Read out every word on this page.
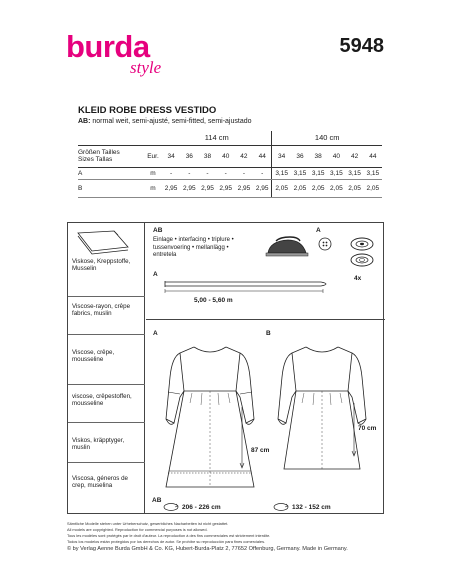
burda
style
5948
KLEID ROBE DRESS VESTIDO
AB: normal weit, semi-ajusté, semi-fitted, semi-ajustado
		114 cm						140 cm					

Größen Tailles
Sizes Tallas	Eur.	34	36	38	40	42	44	34	36	38	40	42	44
A	m	-	-	-	-	-	-	3,15	3,15	3,15	3,15	3,15	3,15
B	m	2,95	2,95	2,95	2,95	2,95	2,95	2,05	2,05	2,05	2,05	2,05	2,05
Viskose, Kreppstoffe,
Musselin
Viscose-rayon, crêpe
fabrics, muslin
Viscose, crêpe,
mousseline
viscose, crêpestoffen,
mousseline
Viskos, kräpptyger,
muslin
Viscosa, géneros de
crep, muselina
AB
Einlage • interfacing • triplure •
tussenvoering • mellanlägg •
entretela
A
4x
A
5,00 - 5,60 m
A
87 cm
AB
206 - 226 cm
B
70 cm
132 - 152 cm
Sämtliche Modelle stehen unter Urheberschutz, gewerbliches Nacharbeiten ist nicht gestattet.
All models are copyrighted. Reproduction for commercial purposes is not allowed.
Tous les modèles sont protégés par le droit d'auteur. La reproduction à des fins commerciales est strictement interdite.
Todos los modelos están protegidos por los derechos de autor. Se prohíbe su reproducción para fines comerciales.
© by Verlag Aenne Burda GmbH & Co. KG, Hubert-Burda-Platz 2, 77652 Offenburg, Germany. Made in Germany.
